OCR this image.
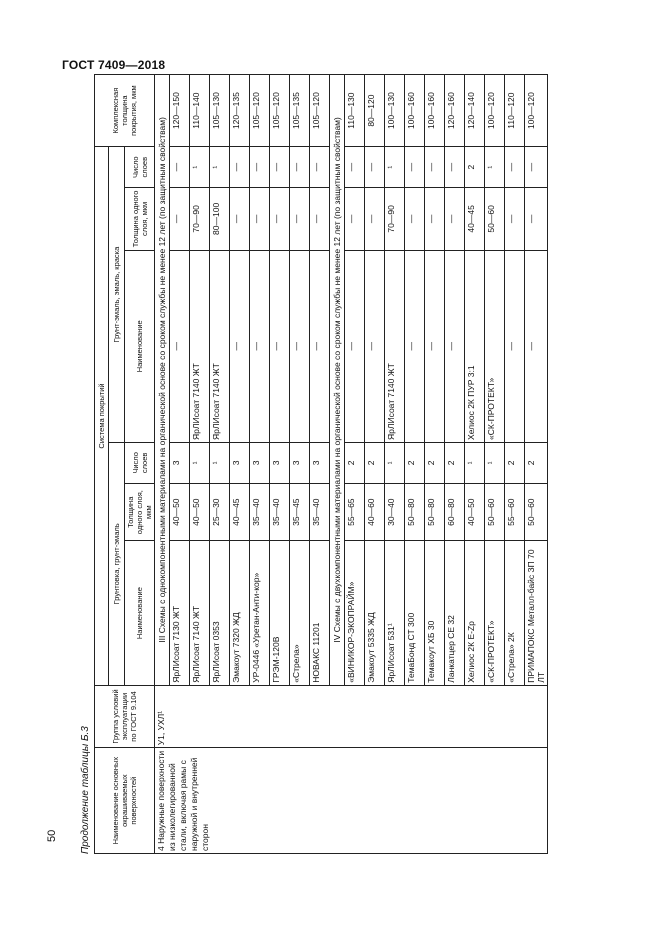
ГОСТ 7409—2018
50 Продолжение таблицы Б.3	Наименование основных окрашиваемых поверхностей	Группа условий эксплуатации по ГОСТ 9.104	Система покрытий						Комплексная толщина покрытия, мкм
		Грунтовка, грунт-эмаль			Грунт-эмаль, эмаль, краска			
		Наименование	Толщина одного слоя, мкм	Число слоев	Наименование	Толщина одного слоя, мкм	Число слоев	
4 Наружные поверхности из низколегированной стали, включая рамы с наружной и внутренней сторон	У1, УХЛ¹	III Схемы с однокомпонентными материалами на органической основе со сроком службы не менее 12 лет (по защитным свойствам)						
		ЯрЛИсоат 7130 ЖТ	40—50	3	—	—	—	120—150
		ЯрЛИсоат 7140 ЖТ	40—50	¹	ЯрЛИсоат 7140 ЖТ	70—90	¹	110—140
		ЯрЛИсоат 0353	25—30	¹	ЯрЛИсоат 7140 ЖТ	80—100	¹	105—130
		Эмакоут 7320 ЖД	40—45	3	—	—	—	120—135
		УР-0446 «Уретан-Анти-кор»	35—40	3	—	—	—	105—120
		ГРЭМ-120В	35—40	3	—	—	—	105—120
		«Стрела»	35—45	3	—	—	—	105—135
		НОВАКС 11201	35—40	3	—	—	—	105—120
		IV Схемы с двухкомпонентными материалами на органической основе со сроком службы не менее 12 лет (по защитным свойствам)						
		«ВИНИКОР-ЭКОПРАЙМ»	55—65	2	—	—	—	110—130
		Эмакоут 5335 ЖД	40—60	2	—	—	—	80—120
		ЯрЛИсоат 531¹	30—40	¹	ЯрЛИсоат 7140 ЖТ	70—90	¹	100—130
		ТемаБонд СТ 300	50—80	2	—	—	—	100—160
		Темакоут ХБ 30	50—80	2	—	—	—	100—160
		Ланкатцер СЕ 32	60—80	2	—	—	—	120—160
		Хелиос 2К Е-Zp	40—50	¹	Хелиос 2К ПУР 3:1	40—45	2	120—140
		«СК-ПРОТЕКТ»	50—60	¹	«СК-ПРОТЕКТ»	50—60	¹	100—120
		«Стрела» 2К	55—60	2	—	—	—	110—120
		ПРИМАПОКС Металл-байс ЗП 70 ЛТ	50—60	2	—	—	—	100—120
